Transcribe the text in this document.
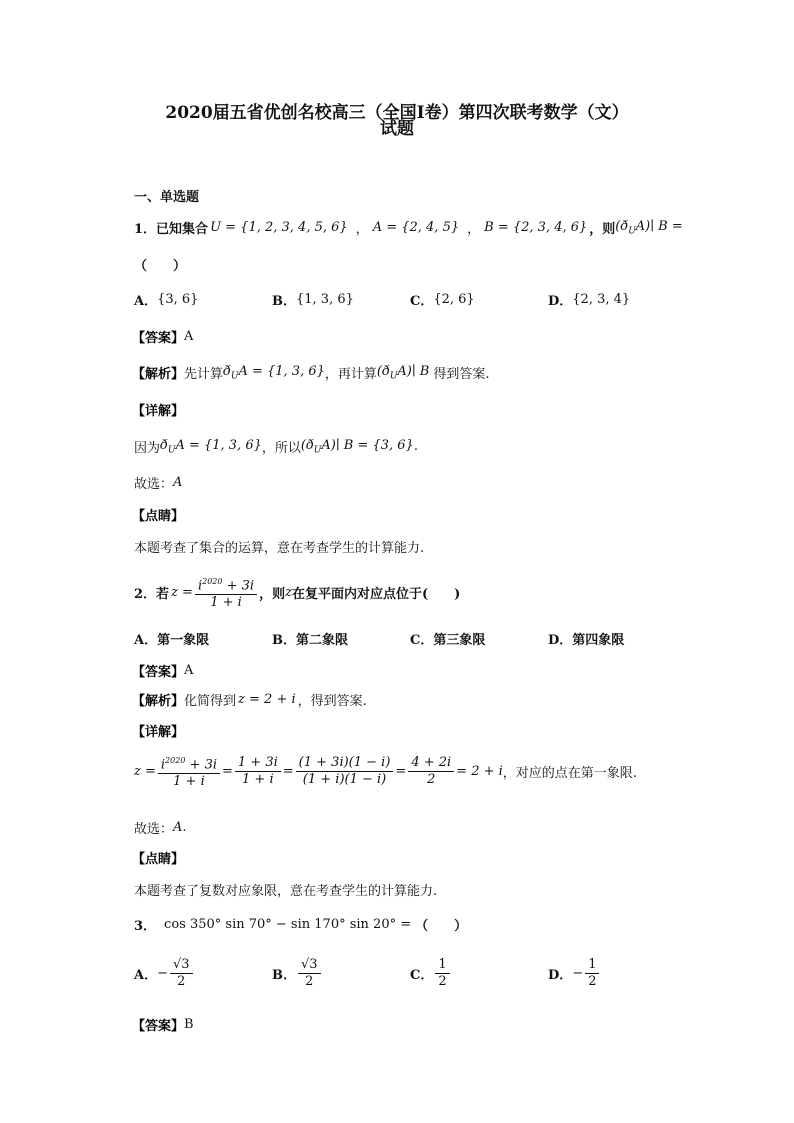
2020届五省优创名校高三（全国Ⅰ卷）第四次联考数学（文）
试题
一、单选题
1． 已知集合 U = {1, 2, 3, 4, 5, 6} ， A = {2, 4, 5} ， B = {2, 3, 4, 6} ，则 $(ð_UA)∣$ B =
（　　）
A． {3, 6}	B． {1, 3, 6}	C． {2, 6}	D． {2, 3, 4}
【答案】 A
【解析】 先计算 $ð_UA = \{1$, 3, 6} ，再计算 $(ð_UA)∣$ B 得到答案.
【详解】
因为 $ð_UA = \{1$, 3, 6} ，所以 $(ð_UA)∣$ B = {3, 6} .
故选： A
【点睛】
本题考查了集合的运算，意在考查学生的计算能力.
2． 若 $z = \frac{i^{2020} + 3i}{1 + i}$ ，则 z 在复平面内对应点位于(　　)
A． 第一象限	B． 第二象限	C． 第三象限	D． 第四象限
【答案】 A
【解析】 化简得到 z = 2 + i ，得到答案.
【详解】
$z = \frac{i^{2020} + 3i}{1 + i} = \frac{1 + 3i}{1 + i} = \frac{(1 + 3i)(1 - i)}{(1 + i)(1 - i)} = \frac{4 + 2i}{2} = 2 + i$ ，对应的点在第一象限.
故选： A .
【点睛】
本题考查了复数对应象限，意在考查学生的计算能力.
3． cos 350° sin 70° − sin 170° sin 20° = （　　）
A． − $\frac{√3}{2}$	B． $\frac{√3}{2}$	C． $\frac{1}{2}$	D． − $\frac{1}{2}$
【答案】 B
